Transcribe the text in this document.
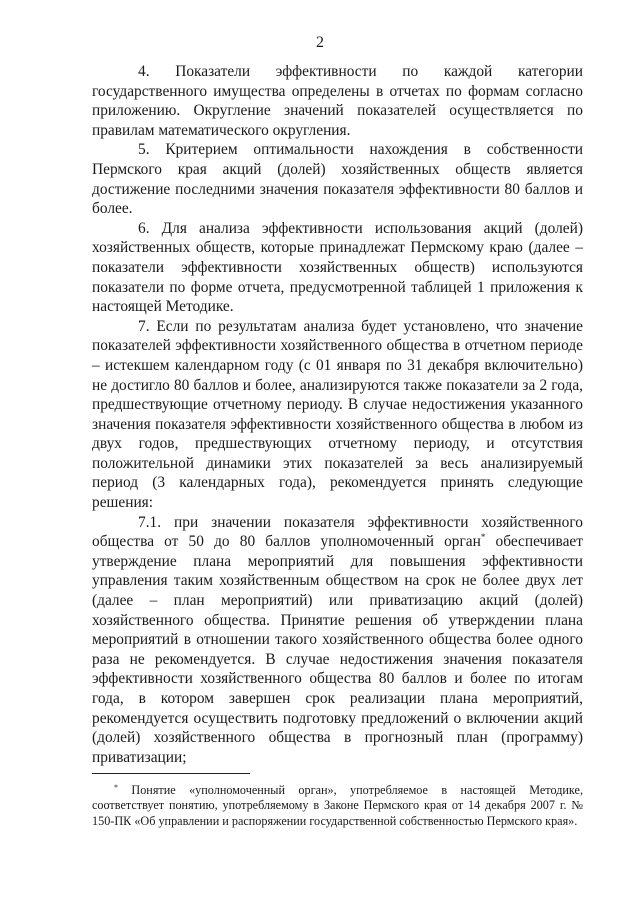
2

4. Показатели эффективности по каждой категории государственного имущества определены в отчетах по формам согласно приложению. Округление значений показателей осуществляется по правилам математического округления.

5. Критерием оптимальности нахождения в собственности Пермского края акций (долей) хозяйственных обществ является достижение последними значения показателя эффективности 80 баллов и более.

6. Для анализа эффективности использования акций (долей) хозяйственных обществ, которые принадлежат Пермскому краю (далее – показатели эффективности хозяйственных обществ) используются показатели по форме отчета, предусмотренной таблицей 1 приложения к настоящей Методике.

7. Если по результатам анализа будет установлено, что значение показателей эффективности хозяйственного общества в отчетном периоде – истекшем календарном году (с 01 января по 31 декабря включительно) не достигло 80 баллов и более, анализируются также показатели за 2 года, предшествующие отчетному периоду. В случае недостижения указанного значения показателя эффективности хозяйственного общества в любом из двух годов, предшествующих отчетному периоду, и отсутствия положительной динамики этих показателей за весь анализируемый период (3 календарных года), рекомендуется принять следующие решения:

7.1. при значении показателя эффективности хозяйственного общества от 50 до 80 баллов уполномоченный орган* обеспечивает утверждение плана мероприятий для повышения эффективности управления таким хозяйственным обществом на срок не более двух лет (далее – план мероприятий) или приватизацию акций (долей) хозяйственного общества. Принятие решения об утверждении плана мероприятий в отношении такого хозяйственного общества более одного раза не рекомендуется. В случае недостижения значения показателя эффективности хозяйственного общества 80 баллов и более по итогам года, в котором завершен срок реализации плана мероприятий, рекомендуется осуществить подготовку предложений о включении акций (долей) хозяйственного общества в прогнозный план (программу) приватизации;

* Понятие «уполномоченный орган», употребляемое в настоящей Методике, соответствует понятию, употребляемому в Законе Пермского края от 14 декабря 2007 г. № 150-ПК «Об управлении и распоряжении государственной собственностью Пермского края».
